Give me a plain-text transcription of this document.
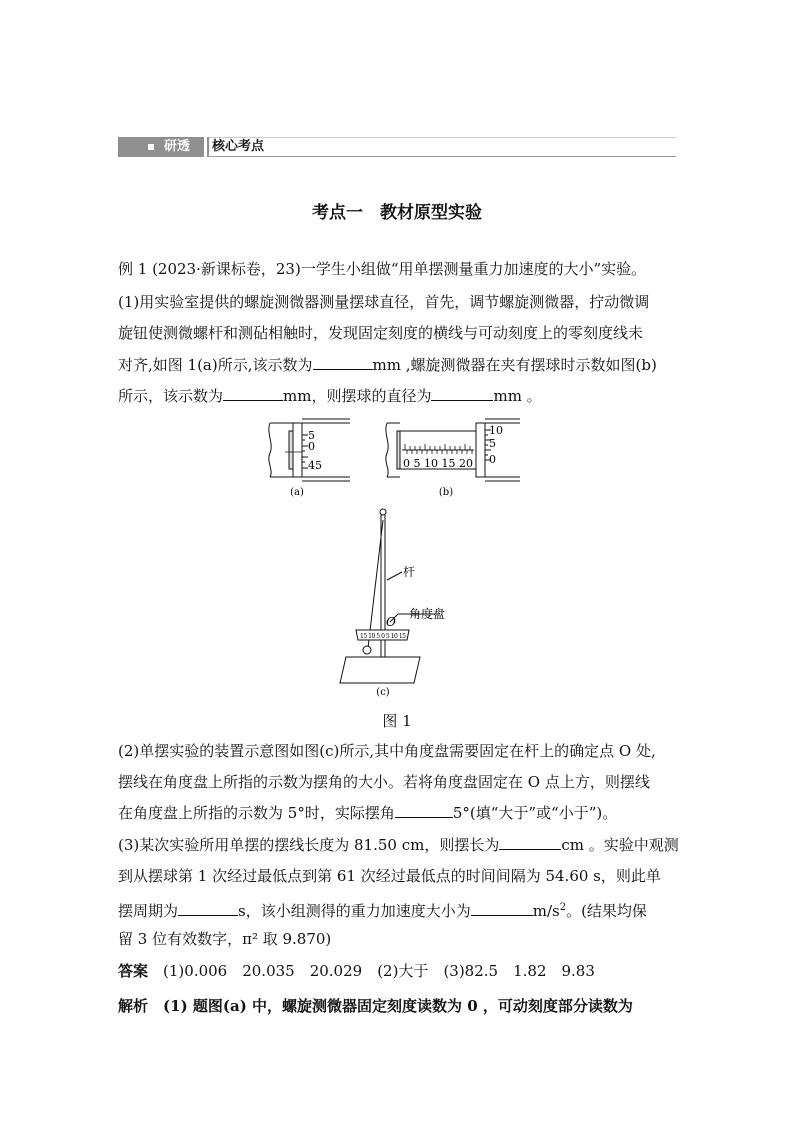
研透 核心考点
考点一　教材原型实验
例 1 (2023·新课标卷，23)一学生小组做“用单摆测量重力加速度的大小”实验。
(1)用实验室提供的螺旋测微器测量摆球直径，首先，调节螺旋测微器，拧动微调
旋钮使测微螺杆和测砧相触时，发现固定刻度的横线与可动刻度上的零刻度线未
对齐,如图 1(a)所示,该示数为	mm ,螺旋测微器在夹有摆球时示数如图(b)
所示，该示数为	mm，则摆球的直径为	mm 。
5
0
45
(a)
0 5 10 15 20
10
5
0
(b)
杆
O
角度盘
15 10 5 0 5 10 15
(c)
图 1
(2)单摆实验的装置示意图如图(c)所示,其中角度盘需要固定在杆上的确定点 O 处,
摆线在角度盘上所指的示数为摆角的大小。若将角度盘固定在 O 点上方，则摆线
在角度盘上所指的示数为 5°时，实际摆角	5°(填“大于”或“小于”)。
(3)某次实验所用单摆的摆线长度为 81.50 cm，则摆长为	cm 。实验中观测
到从摆球第 1 次经过最低点到第 61 次经过最低点的时间间隔为 54.60 s，则此单
摆周期为	s，该小组测得的重力加速度大小为	$m/s^2$。(结果均保
留 3 位有效数字，π² 取 9.870)
答案　 (1)0.006　20.035　20.029　(2)大于　(3)82.5　1.82　9.83
解析　 (1) 题图(a) 中，螺旋测微器固定刻度读数为 0 ，可动刻度部分读数为
